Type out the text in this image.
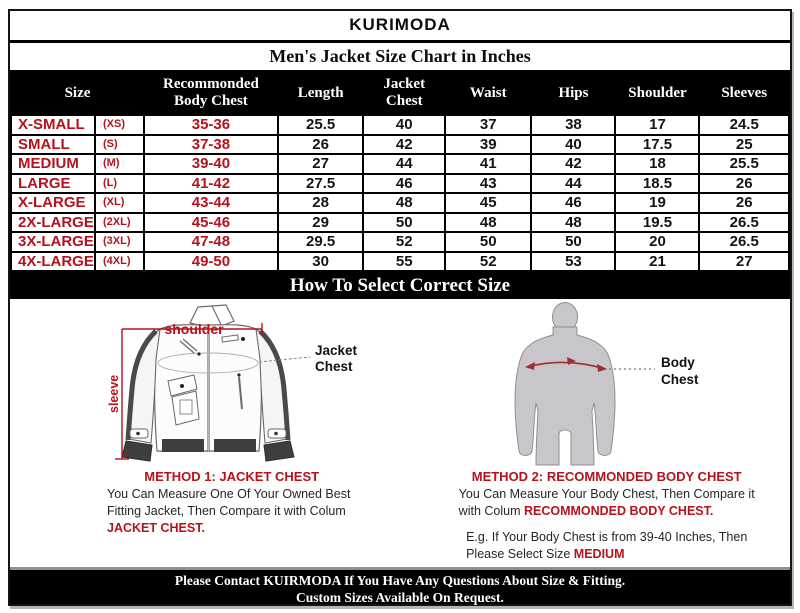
KURIMODA
Men's Jacket Size Chart in Inches
Size		Recommonded Body Chest	Length	Jacket Chest	Waist	Hips	Shoulder	Sleeves
X-SMALL	(XS)	35-36	25.5	40	37	38	17	24.5
SMALL	(S)	37-38	26	42	39	40	17.5	25
MEDIUM	(M)	39-40	27	44	41	42	18	25.5
LARGE	(L)	41-42	27.5	46	43	44	18.5	26
X-LARGE	(XL)	43-44	28	48	45	46	19	26
2X-LARGE	(2XL)	45-46	29	50	48	48	19.5	26.5
3X-LARGE	(3XL)	47-48	29.5	52	50	50	20	26.5
4X-LARGE	(4XL)	49-50	30	55	52	53	21	27
How To Select Correct Size
shoulder
sleeve
Jacket
Chest
METHOD 1: JACKET CHEST
You Can Measure One Of Your Owned Best
Fitting Jacket, Then Compare it with Colum
JACKET CHEST.
Body
Chest
METHOD 2: RECOMMONDED BODY CHEST
You Can Measure Your Body Chest, Then Compare it
with Colum RECOMMONDED BODY CHEST.
E.g. If Your Body Chest is from 39-40 Inches, Then
Please Select Size MEDIUM
Please Contact KUIRMODA If You Have Any Questions About Size & Fitting.
Custom Sizes Available On Request.
